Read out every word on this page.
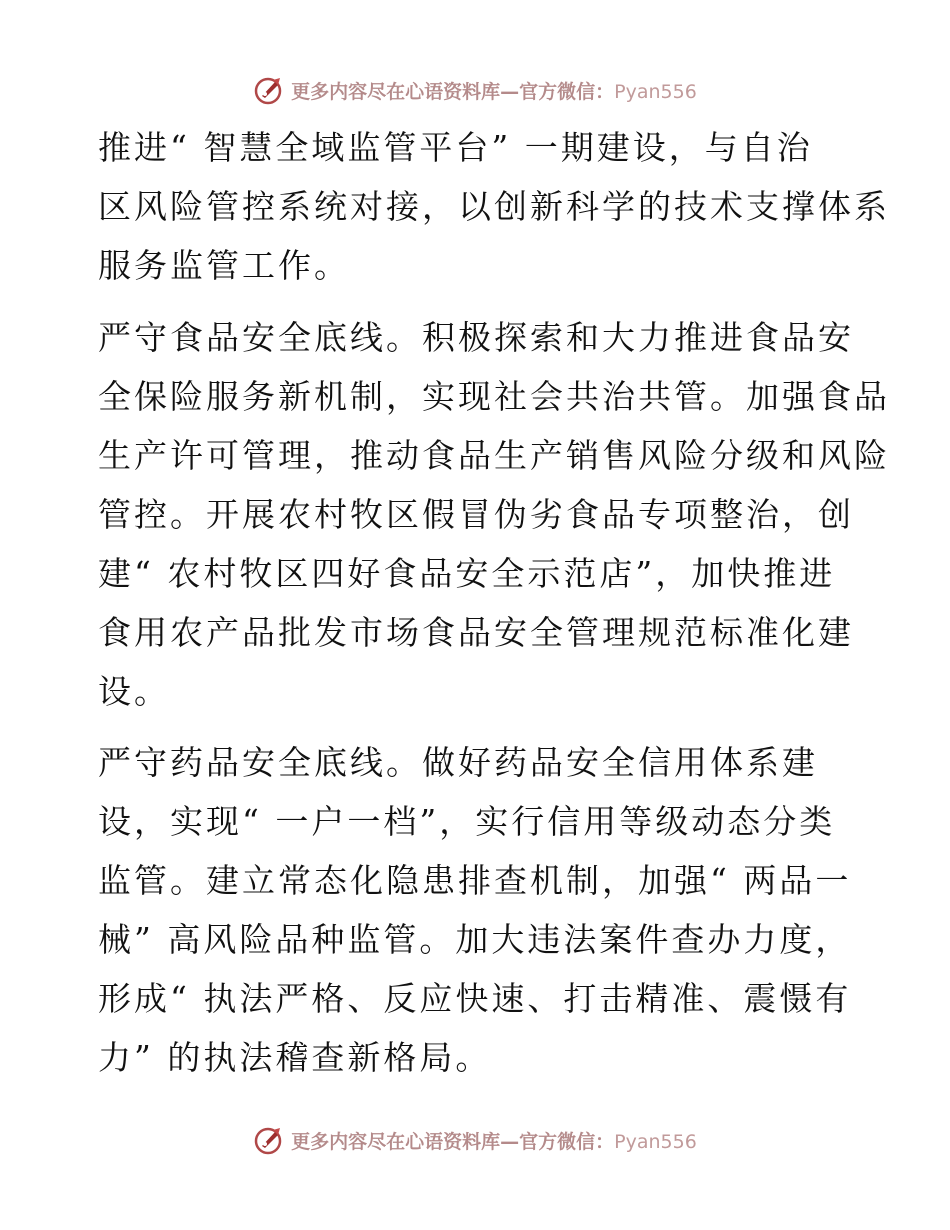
更多内容尽在心语资料库—官方微信：Pyan556
推进“ 智慧全域监管平台” 一期建设，与自治
区风险管控系统对接，以创新科学的技术支撑体系
服务监管工作。
严守食品安全底线。积极探索和大力推进食品安
全保险服务新机制，实现社会共治共管。加强食品
生产许可管理，推动食品生产销售风险分级和风险
管控。开展农村牧区假冒伪劣食品专项整治，创
建“ 农村牧区四好食品安全示范店”，加快推进
食用农产品批发市场食品安全管理规范标准化建
设。
严守药品安全底线。做好药品安全信用体系建
设，实现“ 一户一档”，实行信用等级动态分类
监管。建立常态化隐患排查机制，加强“ 两品一
械” 高风险品种监管。加大违法案件查办力度，
形成“ 执法严格、反应快速、打击精准、震慑有
力” 的执法稽查新格局。
更多内容尽在心语资料库—官方微信：Pyan556
